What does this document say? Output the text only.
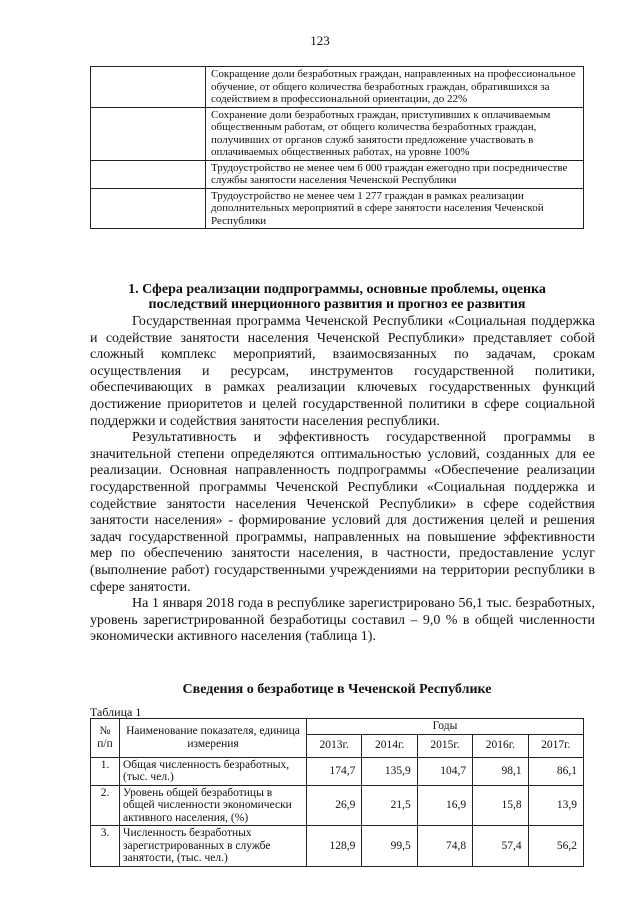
123
	Сокращение доли безработных граждан, направленных на профессиональное обучение, от общего количества безработных граждан, обратившихся за содействием в профессиональной ориентации, до 22%
	Сохранение доли безработных граждан, приступивших к оплачиваемым общественным работам, от общего количества безработных граждан, получивших от органов служб занятости предложение участвовать в оплачиваемых общественных работах, на уровне 100%
	Трудоустройство не менее чем 6 000 граждан ежегодно при посредничестве службы занятости населения Чеченской Республики
	Трудоустройство не менее чем 1 277 граждан в рамках реализации дополнительных мероприятий в сфере занятости населения Чеченской Республики
1. Сфера реализации подпрограммы, основные проблемы, оценка последствий инерционного развития и прогноз ее развития

Государственная программа Чеченской Республики «Социальная поддержка и содействие занятости населения Чеченской Республики» представляет собой сложный комплекс мероприятий, взаимосвязанных по задачам, срокам осуществления и ресурсам, инструментов государственной политики, обеспечивающих в рамках реализации ключевых государственных функций достижение приоритетов и целей государственной политики в сфере социальной поддержки и содействия занятости населения республики.

Результативность и эффективность государственной программы в значительной степени определяются оптимальностью условий, созданных для ее реализации. Основная направленность подпрограммы «Обеспечение реализации государственной программы Чеченской Республики «Социальная поддержка и содействие занятости населения Чеченской Республики» в сфере содействия занятости населения» - формирование условий для достижения целей и решения задач государственной программы, направленных на повышение эффективности мер по обеспечению занятости населения, в частности, предоставление услуг (выполнение работ) государственными учреждениями на территории республики в сфере занятости.

На 1 января 2018 года в республике зарегистрировано 56,1 тыс. безработных, уровень зарегистрированной безработицы составил – 9,0 % в общей численности экономически активного населения (таблица 1).

Сведения о безработице в Чеченской Республике
Таблица 1
№ п/п	Наименование показателя, единица измерения	Годы				
		2013г.	2014г.	2015г.	2016г.	2017г.
1.	Общая численность безработных, (тыс. чел.)	174,7	135,9	104,7	98,1	86,1
2.	Уровень общей безработицы в общей численности экономически активного населения, (%)	26,9	21,5	16,9	15,8	13,9
3.	Численность безработных зарегистрированных в службе занятости, (тыс. чел.)	128,9	99,5	74,8	57,4	56,2
